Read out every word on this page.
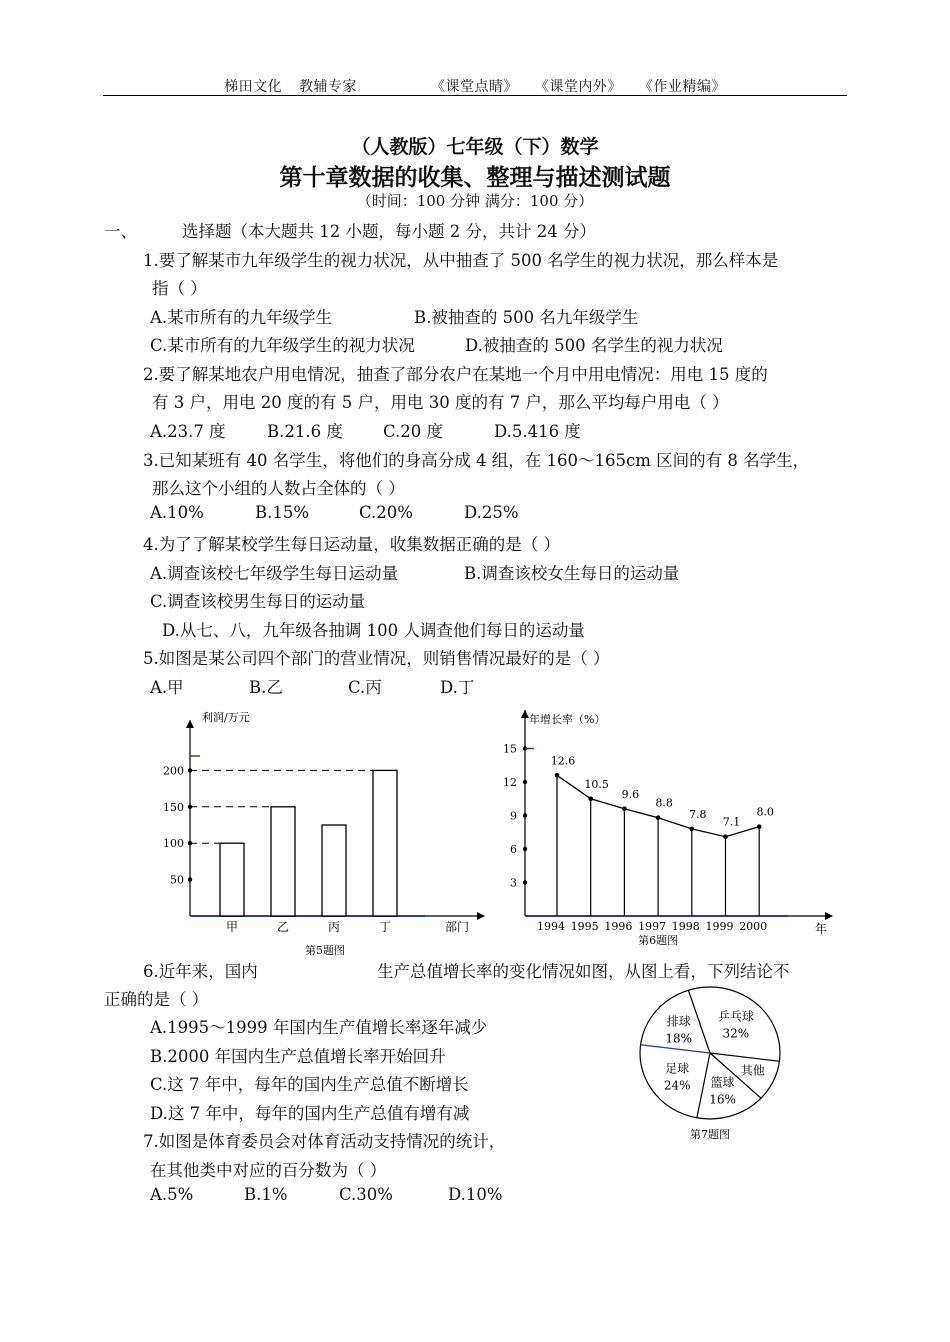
梯田文化 教辅专家	《课堂点睛》 《课堂内外》 《作业精编》
（人教版）七年级（下）数学
第十章数据的收集、整理与描述测试题
（时间：100 分钟 满分：100 分）
一、	选择题（本大题共 12 小题，每小题 2 分，共计 24 分）
1.要了解某市九年级学生的视力状况，从中抽查了 500 名学生的视力状况，那么样本是
指（ ）
A.某市所有的九年级学生	B.被抽查的 500 名九年级学生
C.某市所有的九年级学生的视力状况	D.被抽查的 500 名学生的视力状况
2.要了解某地农户用电情况，抽查了部分农户在某地一个月中用电情况：用电 15 度的
有 3 户，用电 20 度的有 5 户，用电 30 度的有 7 户，那么平均每户用电（ ）
A.23.7 度	B.21.6 度 C.20 度	D.5.416 度
3.已知某班有 40 名学生，将他们的身高分成 4 组，在 160～165cm 区间的有 8 名学生，
那么这个小组的人数占全体的（ ）
A.10%	B.15%	C.20%	D.25%
4.为了了解某校学生每日运动量，收集数据正确的是（ ）
A.调查该校七年级学生每日运动量	B.调查该校女生每日的运动量
C.调查该校男生每日的运动量
D.从七、八，九年级各抽调 100 人调查他们每日的运动量
5.如图是某公司四个部门的营业情况，则销售情况最好的是（ ）
A.甲	B.乙	C.丙	D.丁
利润/万元
部门
50
100
150
200
甲	乙	丙	丁
第5题图
年增长率（%）
年
3
6
9
12
15
12.6
1994
10.5
1995
9.6
1996
8.8
1997
7.8
1998
7.1
1999
8.0
2000
第6题图
6.近年来，国内	生产总值增长率的变化情况如图，从图上看，下列结论不
正确的是（ ）
A.1995～1999 年国内生产值增长率逐年减少
B.2000 年国内生产总值增长率开始回升
C.这 7 年中，每年的国内生产总值不断增长
D.这 7 年中，每年的国内生产总值有增有减
乒乓球
32%
其他
篮球
16%
足球
24%
排球
18%
第7题图
7.如图是体育委员会对体育活动支持情况的统计，
在其他类中对应的百分数为（ ）
A.5%	B.1%	C.30%	D.10%
